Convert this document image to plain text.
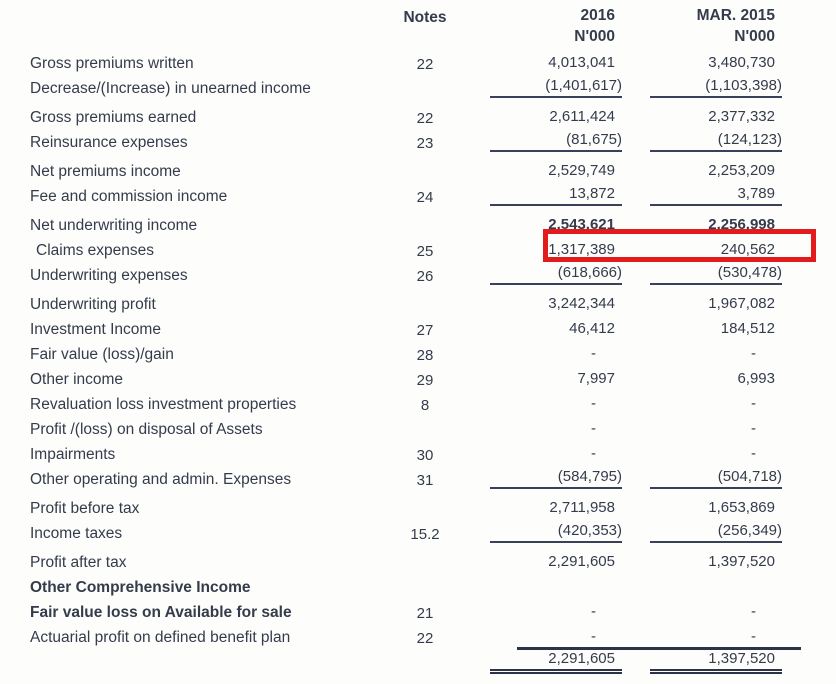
Notes	2016	MAR. 2015
N'000	N'000
Gross premiums written	22	4,013,041	3,480,730
Decrease/(Increase) in unearned income	(1,401,617)	(1,103,398)
Gross premiums earned	22	2,611,424	2,377,332
Reinsurance expenses	23	(81,675)	(124,123)
Net premiums income	2,529,749	2,253,209
Fee and commission income	24	13,872	3,789
Net underwriting income	2,543,621	2,256,998
Claims expenses	25	1,317,389	240,562
Underwriting expenses	26	(618,666)	(530,478)
Underwriting profit	3,242,344	1,967,082
Investment Income	27	46,412	184,512
Fair value (loss)/gain	28	-	-
Other income	29	7,997	6,993
Revaluation loss investment properties	8	-	-
Profit /(loss) on disposal of Assets	-	-
Impairments	30	-	-
Other operating and admin. Expenses	31	(584,795)	(504,718)
Profit before tax	2,711,958	1,653,869
Income taxes	15.2	(420,353)	(256,349)
Profit after tax	2,291,605	1,397,520
Other Comprehensive Income
Fair value loss on Available for sale	21	-	-
Actuarial profit on defined benefit plan	22	-	-
2,291,605	1,397,520
